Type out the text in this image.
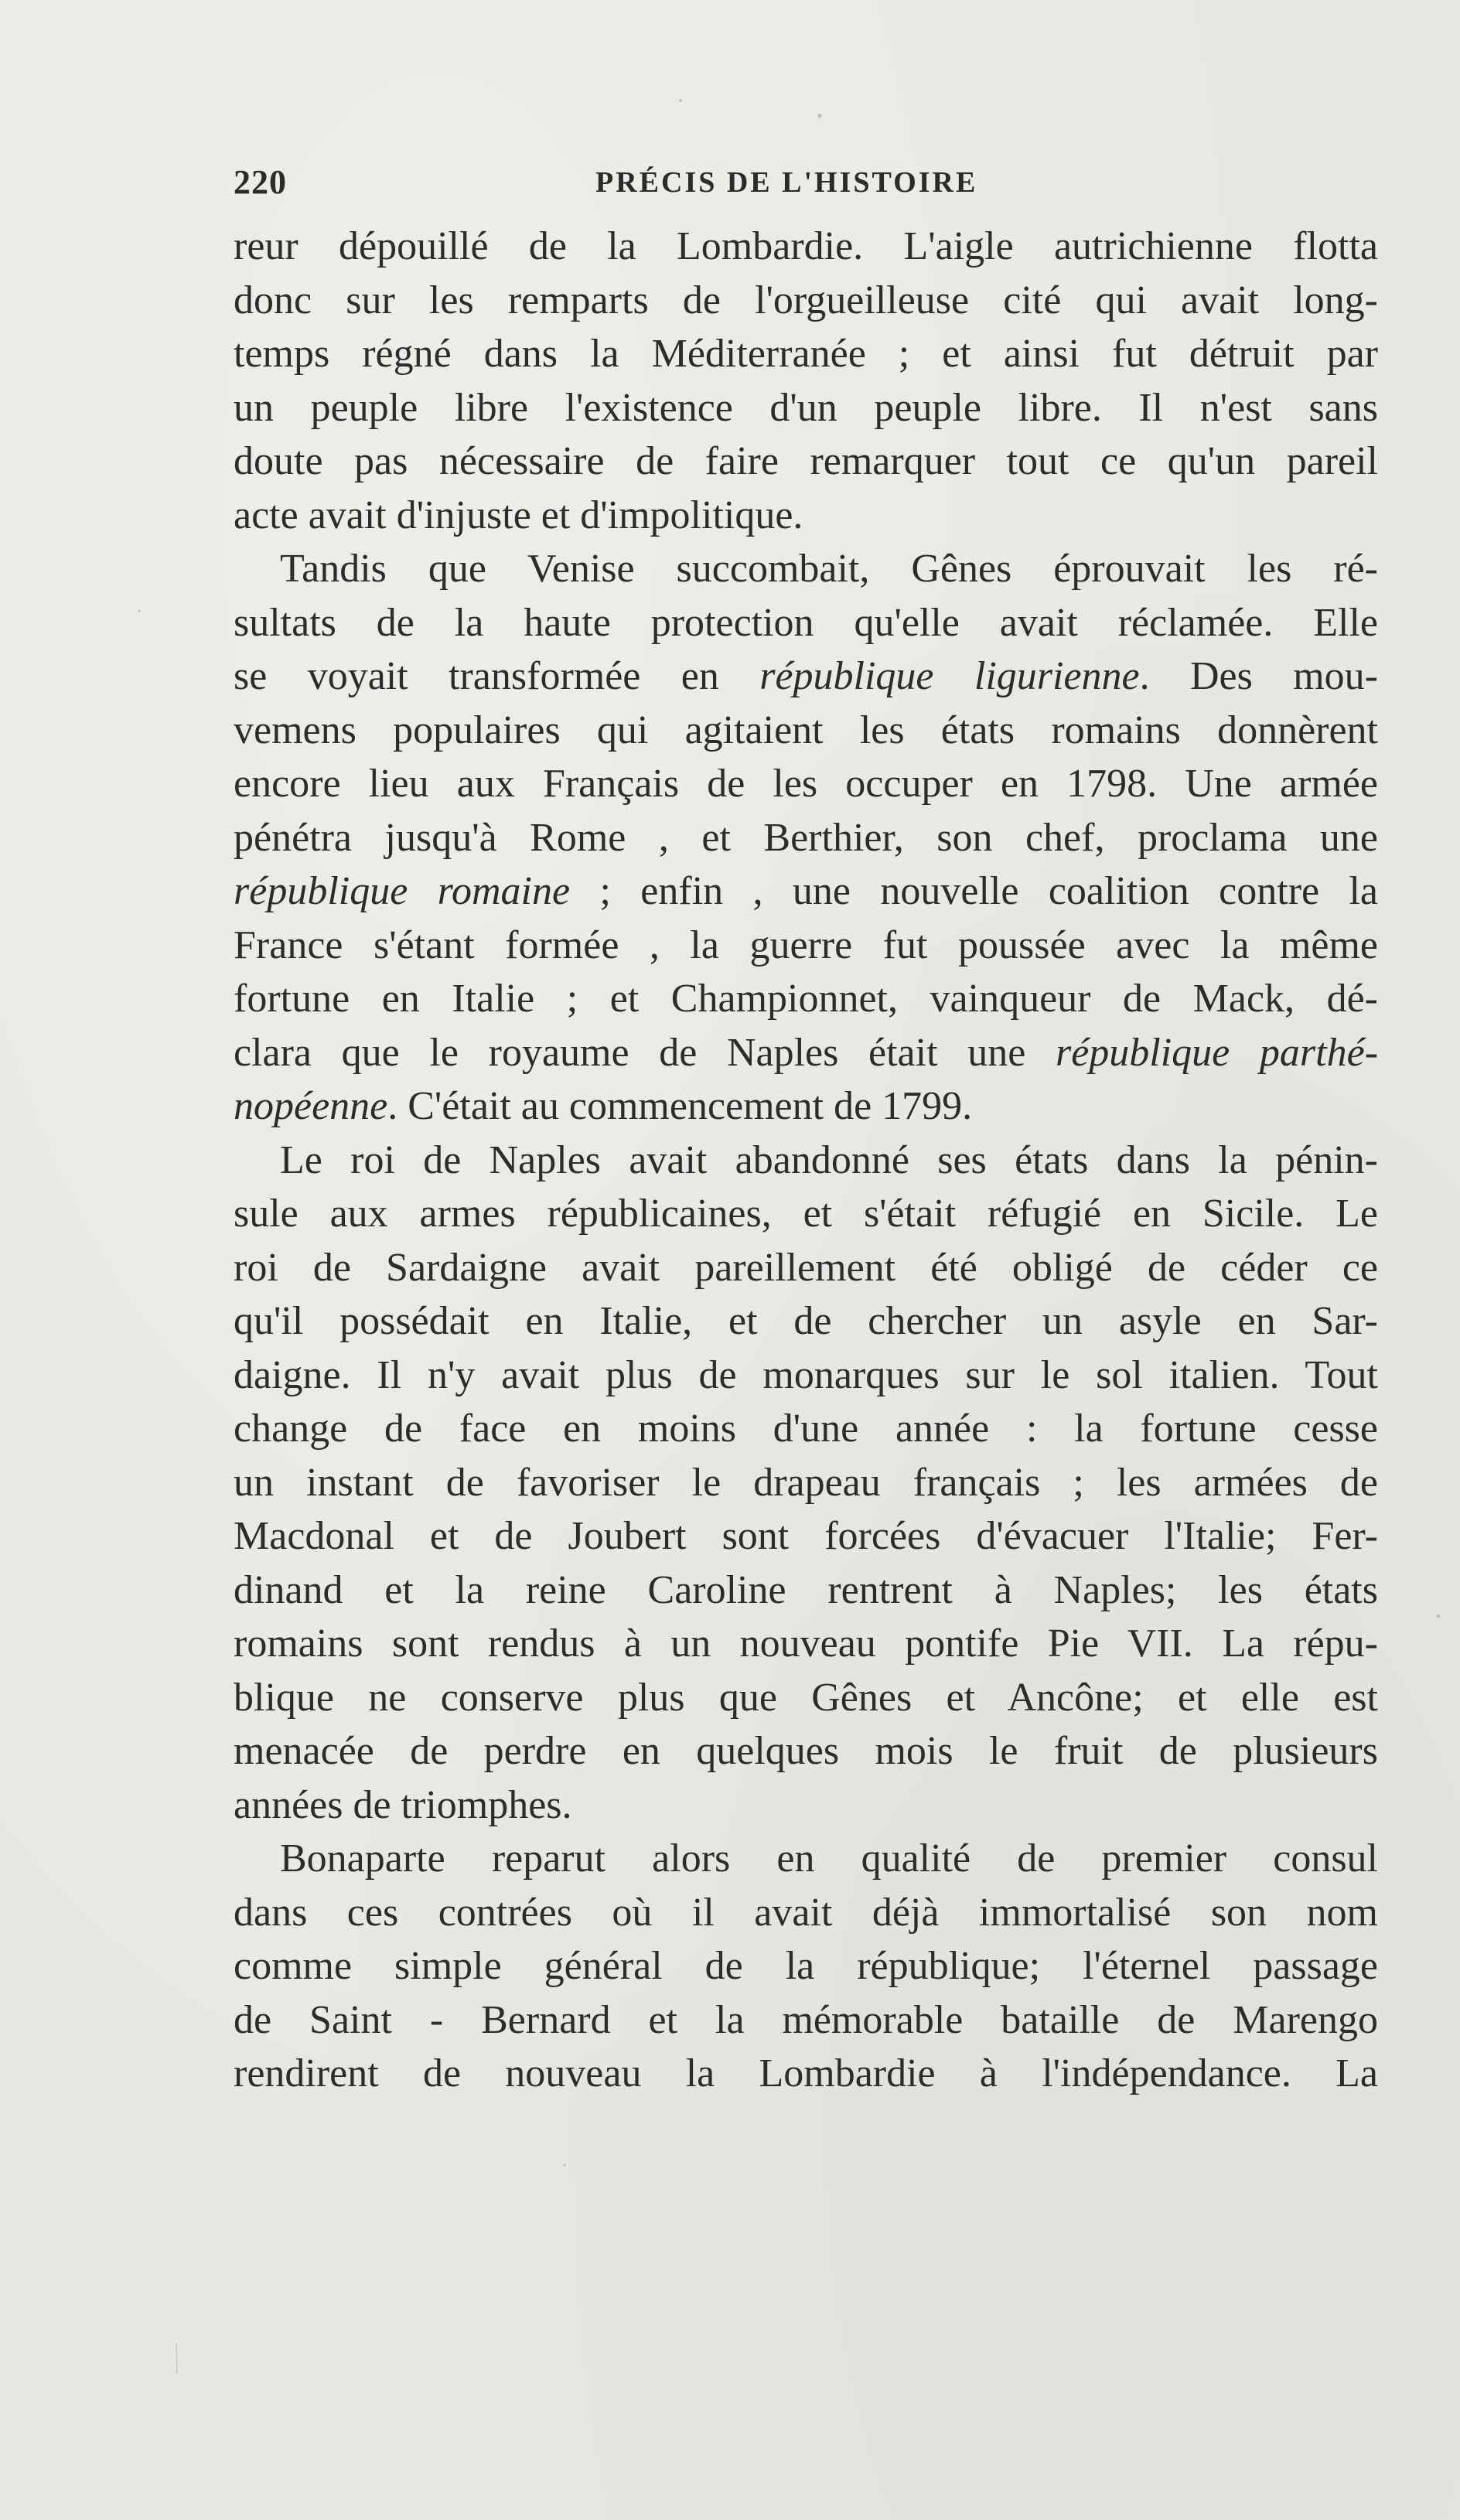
220	PRÉCIS DE L'HISTOIRE
reur dépouillé de la Lombardie. L'aigle autrichienne flotta
donc sur les remparts de l'orgueilleuse cité qui avait long-
temps régné dans la Méditerranée ; et ainsi fut détruit par
un peuple libre l'existence d'un peuple libre. Il n'est sans
doute pas nécessaire de faire remarquer tout ce qu'un pareil
acte avait d'injuste et d'impolitique.
Tandis que Venise succombait, Gênes éprouvait les ré-
sultats de la haute protection qu'elle avait réclamée. Elle
se voyait transformée en république ligurienne. Des mou-
vemens populaires qui agitaient les états romains donnèrent
encore lieu aux Français de les occuper en 1798. Une armée
pénétra jusqu'à Rome , et Berthier, son chef, proclama une
république romaine ; enfin , une nouvelle coalition contre la
France s'étant formée , la guerre fut poussée avec la même
fortune en Italie ; et Championnet, vainqueur de Mack, dé-
clara que le royaume de Naples était une république parthé-
nopéenne. C'était au commencement de 1799.
Le roi de Naples avait abandonné ses états dans la pénin-
sule aux armes républicaines, et s'était réfugié en Sicile. Le
roi de Sardaigne avait pareillement été obligé de céder ce
qu'il possédait en Italie, et de chercher un asyle en Sar-
daigne. Il n'y avait plus de monarques sur le sol italien. Tout
change de face en moins d'une année : la fortune cesse
un instant de favoriser le drapeau français ; les armées de
Macdonal et de Joubert sont forcées d'évacuer l'Italie; Fer-
dinand et la reine Caroline rentrent à Naples; les états
romains sont rendus à un nouveau pontife Pie VII. La répu-
blique ne conserve plus que Gênes et Ancône; et elle est
menacée de perdre en quelques mois le fruit de plusieurs
années de triomphes.
Bonaparte reparut alors en qualité de premier consul
dans ces contrées où il avait déjà immortalisé son nom
comme simple général de la république; l'éternel passage
de Saint - Bernard et la mémorable bataille de Marengo
rendirent de nouveau la Lombardie à l'indépendance. La
